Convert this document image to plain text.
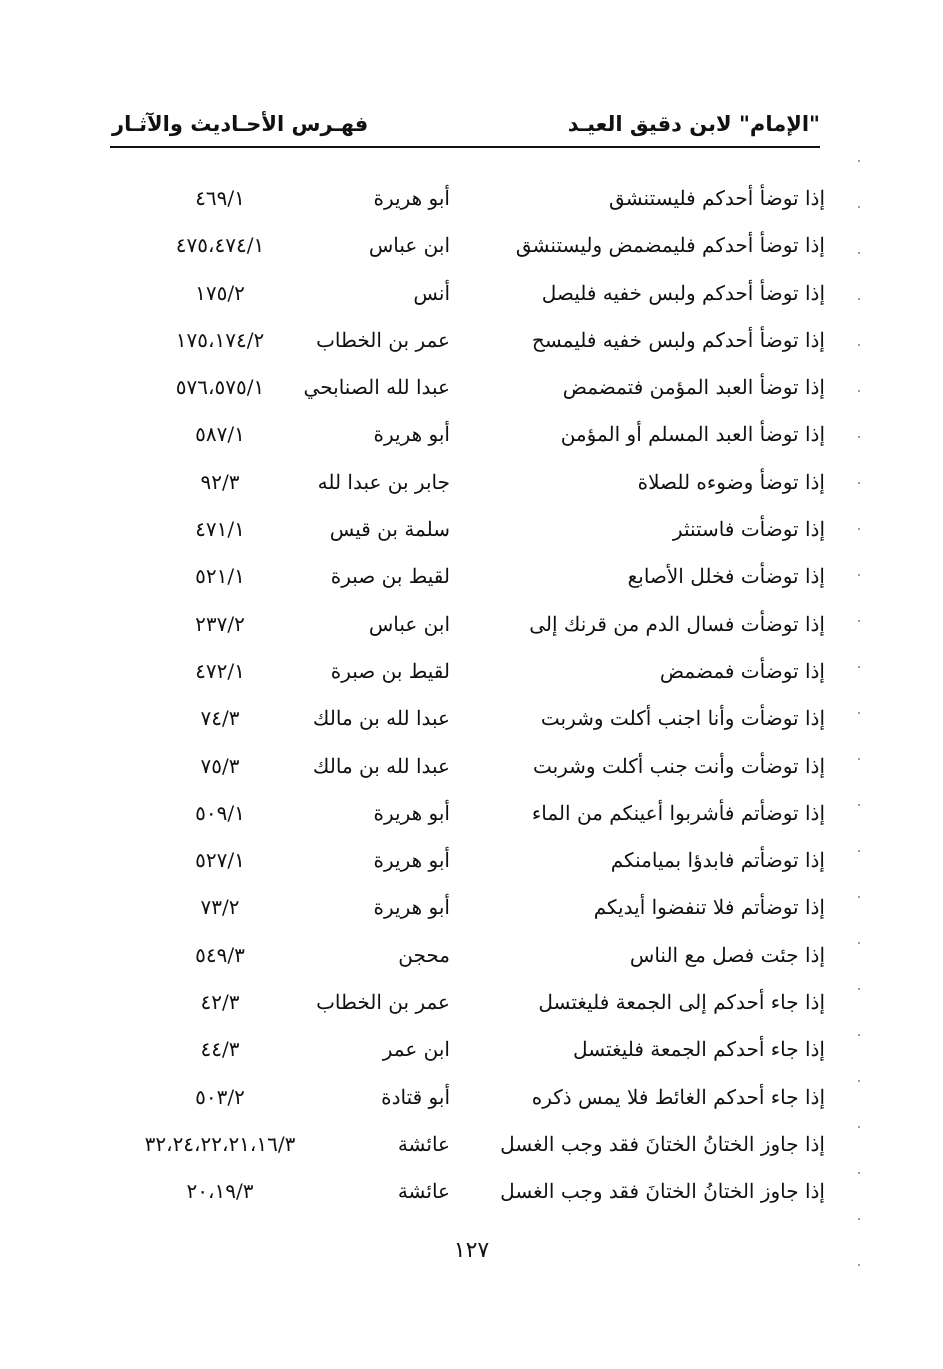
"الإمام" لابن دقيق العيـد
فهـرس الأحـاديث والآثـار
إذا توضأ أحدكم فليستنشق
أبو هريرة
٤٦٩/١
إذا توضأ أحدكم فليمضمض وليستنشق
ابن عباس
٤٧٥،٤٧٤/١
إذا توضأ أحدكم ولبس خفيه فليصل
أنس
١٧٥/٢
إذا توضأ أحدكم ولبس خفيه فليمسح
عمر بن الخطاب
١٧٥،١٧٤/٢
إذا توضأ العبد المؤمن فتمضمض
عبدا لله الصنابحي
٥٧٦،٥٧٥/١
إذا توضأ العبد المسلم أو المؤمن
أبو هريرة
٥٨٧/١
إذا توضأ وضوءه للصلاة
جابر بن عبدا لله
٩٢/٣
إذا توضأت فاستنثر
سلمة بن قيس
٤٧١/١
إذا توضأت فخلل الأصابع
لقيط بن صبرة
٥٢١/١
إذا توضأت فسال الدم من قرنك إلى
ابن عباس
٢٣٧/٢
إذا توضأت فمضمض
لقيط بن صبرة
٤٧٢/١
إذا توضأت وأنا اجنب أكلت وشربت
عبدا لله بن مالك
٧٤/٣
إذا توضأت وأنت جنب أكلت وشربت
عبدا لله بن مالك
٧٥/٣
إذا توضأتم فأشربوا أعينكم من الماء
أبو هريرة
٥٠٩/١
إذا توضأتم فابدؤا بميامنكم
أبو هريرة
٥٢٧/١
إذا توضأتم فلا تنفضوا أيديكم
أبو هريرة
٧٣/٢
إذا جئت فصل مع الناس
محجن
٥٤٩/٣
إذا جاء أحدكم إلى الجمعة فليغتسل
عمر بن الخطاب
٤٢/٣
إذا جاء أحدكم الجمعة فليغتسل
ابن عمر
٤٤/٣
إذا جاء أحدكم الغائط فلا يمس ذكره
أبو قتادة
٥٠٣/٢
إذا جاوز الختانُ الختانَ فقد وجب الغسل
عائشة
٣٢،٢٤،٢٢،٢١،١٦/٣
إذا جاوز الختانُ الختانَ فقد وجب الغسل
عائشة
٢٠،١٩/٣
١٢٧
